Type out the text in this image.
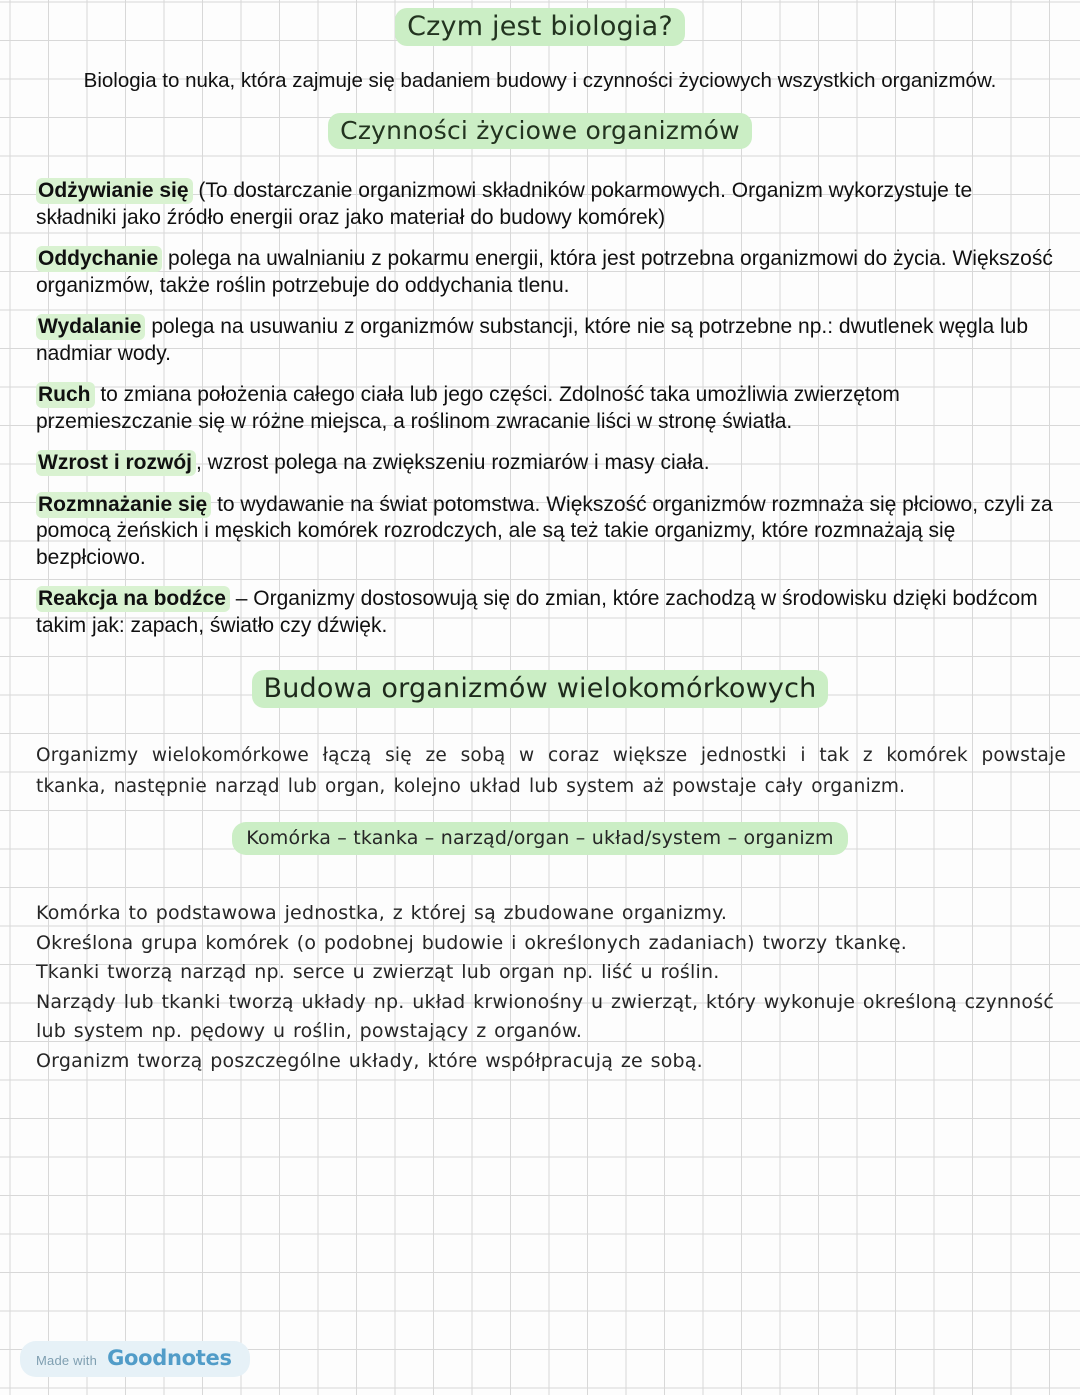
Czym jest biologia?

Biologia to nuka, która zajmuje się badaniem budowy i czynności życiowych wszystkich organizmów.

Czynności życiowe organizmów

Odżywianie się (To dostarczanie organizmowi składników pokarmowych. Organizm wykorzystuje te składniki jako źródło energii oraz jako materiał do budowy komórek)

Oddychanie polega na uwalnianiu z pokarmu energii, która jest potrzebna organizmowi do życia. Większość organizmów, także roślin potrzebuje do oddychania tlenu.

Wydalanie polega na usuwaniu z organizmów substancji, które nie są potrzebne np.: dwutlenek węgla lub nadmiar wody.

Ruch to zmiana położenia całego ciała lub jego części. Zdolność taka umożliwia zwierzętom przemieszczanie się w różne miejsca, a roślinom zwracanie liści w stronę światła.

Wzrost i rozwój , wzrost polega na zwiększeniu rozmiarów i masy ciała.

Rozmnażanie się to wydawanie na świat potomstwa. Większość organizmów rozmnaża się płciowo, czyli za pomocą żeńskich i męskich komórek rozrodczych, ale są też takie organizmy, które rozmnażają się bezpłciowo.

Reakcja na bodźce – Organizmy dostosowują się do zmian, które zachodzą w środowisku dzięki bodźcom takim jak: zapach, światło czy dźwięk.

Budowa organizmów wielokomórkowych

Organizmy wielokomórkowe łączą się ze sobą w coraz większe jednostki i tak z komórek powstaje tkanka, następnie narząd lub organ, kolejno układ lub system aż powstaje cały organizm.

Komórka – tkanka – narząd/organ – układ/system – organizm
Komórka to podstawowa jednostka, z której są zbudowane organizmy.
Określona grupa komórek (o podobnej budowie i określonych zadaniach) tworzy tkankę.
Tkanki tworzą narząd np. serce u zwierząt lub organ np. liść u roślin.
Narządy lub tkanki tworzą układy np. układ krwionośny u zwierząt, który wykonuje określoną czynność
lub system np. pędowy u roślin, powstający z organów.
Organizm tworzą poszczególne układy, które współpracują ze sobą.
Made with Goodnotes
